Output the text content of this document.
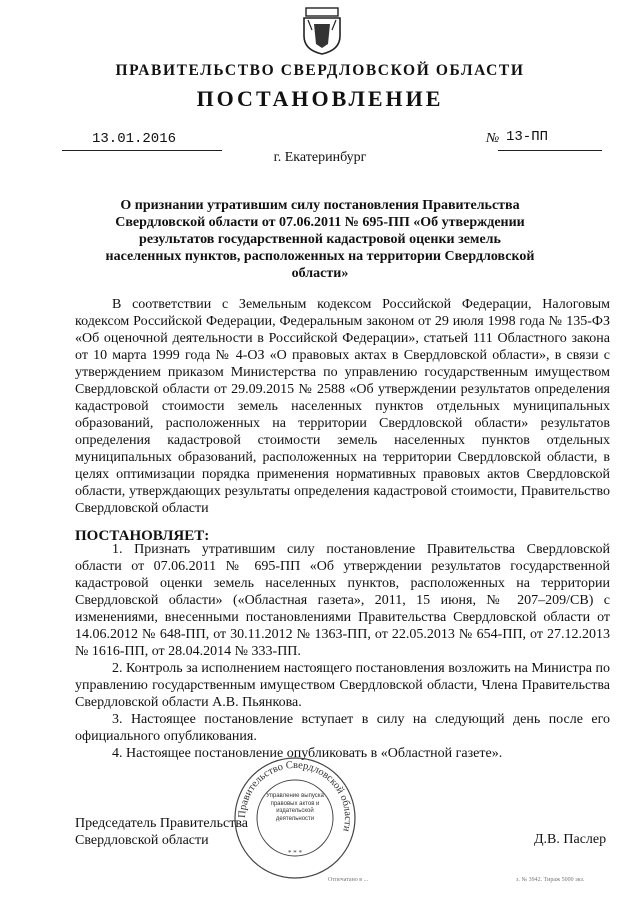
ПРАВИТЕЛЬСТВО СВЕРДЛОВСКОЙ ОБЛАСТИ
ПОСТАНОВЛЕНИЕ
13.01.2016	№ 13-ПП
г. Екатеринбург
О признании утратившим силу постановления Правительства Свердловской области от 07.06.2011 № 695-ПП «Об утверждении результатов государственной кадастровой оценки земель населенных пунктов, расположенных на территории Свердловской области»

В соответствии с Земельным кодексом Российской Федерации, Налоговым кодексом Российской Федерации, Федеральным законом от 29 июля 1998 года № 135-ФЗ «Об оценочной деятельности в Российской Федерации», статьей 111 Областного закона от 10 марта 1999 года № 4-ОЗ «О правовых актах в Свердловской области», в связи с утверждением приказом Министерства по управлению государственным имуществом Свердловской области от 29.09.2015 № 2588 «Об утверждении результатов определения кадастровой стоимости земель населенных пунктов отдельных муниципальных образований, расположенных на территории Свердловской области» результатов определения кадастровой стоимости земель населенных пунктов отдельных муниципальных образований, расположенных на территории Свердловской области, в целях оптимизации порядка применения нормативных правовых актов Свердловской области, утверждающих результаты определения кадастровой стоимости, Правительство Свердловской области

ПОСТАНОВЛЯЕТ:

1. Признать утратившим силу постановление Правительства Свердловской области от 07.06.2011 № 695-ПП «Об утверждении результатов государственной кадастровой оценки земель населенных пунктов, расположенных на территории Свердловской области» («Областная газета», 2011, 15 июня, № 207–209/СВ) с изменениями, внесенными постановлениями Правительства Свердловской области от 14.06.2012 № 648-ПП, от 30.11.2012 № 1363-ПП, от 22.05.2013 № 654-ПП, от 27.12.2013 № 1616-ПП, от 28.04.2014 № 333-ПП.

2. Контроль за исполнением настоящего постановления возложить на Министра по управлению государственным имуществом Свердловской области, Члена Правительства Свердловской области А.В. Пьянкова.

3. Настоящее постановление вступает в силу на следующий день после его официального опубликования.

4. Настоящее постановление опубликовать в «Областной газете».

Правительство Свердловской области
Управление выпуска правовых актов и издательской деятельности
* * *
Председатель Правительства
Свердловской области	Д.В. Паслер
Отпечатано в ...	з. № 3942. Тираж 5000 экз.
